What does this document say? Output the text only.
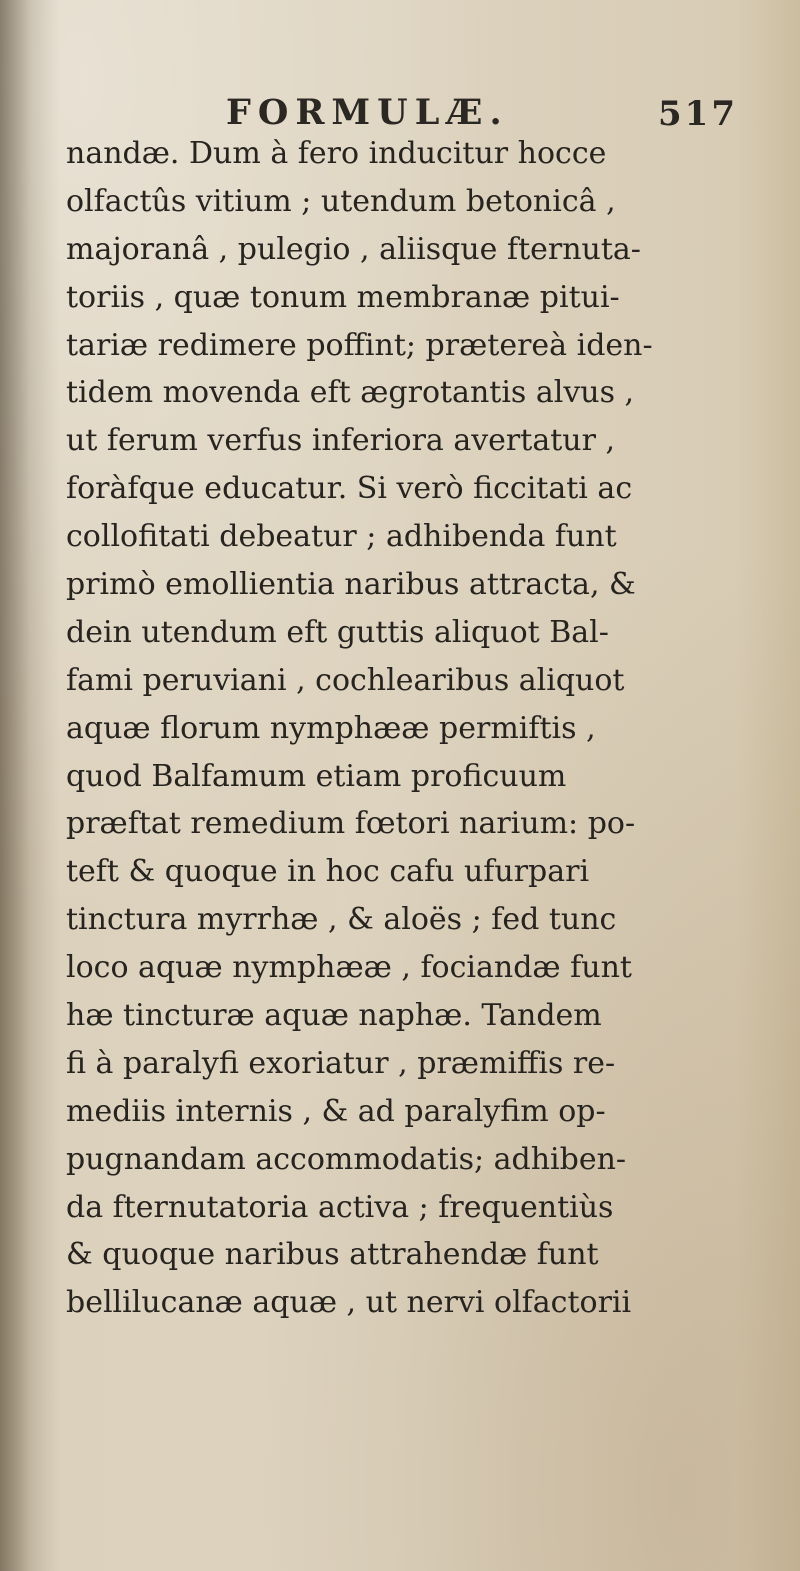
FORMULÆ.	517
nandæ. Dum à fero inducitur hocce
olfactûs vitium ; utendum betonicâ ,
majoranâ , pulegio , aliisque fternuta-
toriis , quæ tonum membranæ pitui-
tariæ redimere poffint; prætereà iden-
tidem movenda eft ægrotantis alvus ,
ut ferum verfus inferiora avertatur ,
foràfque educatur. Si verò ficcitati ac
collofitati debeatur ; adhibenda funt
primò emollientia naribus attracta, &
dein utendum eft guttis aliquot Bal-
fami peruviani , cochlearibus aliquot
aquæ florum nymphææ permiftis ,
quod Balfamum etiam proficuum
præftat remedium fœtori narium: po-
teft & quoque in hoc cafu ufurpari
tinctura myrrhæ , & aloës ; fed tunc
loco aquæ nymphææ , fociandæ funt
hæ tincturæ aquæ naphæ. Tandem
fi à paralyfi exoriatur , præmiffis re-
mediis internis , & ad paralyfim op-
pugnandam accommodatis; adhiben-
da fternutatoria activa ; frequentiùs
& quoque naribus attrahendæ funt
bellilucanæ aquæ , ut nervi olfactorii
